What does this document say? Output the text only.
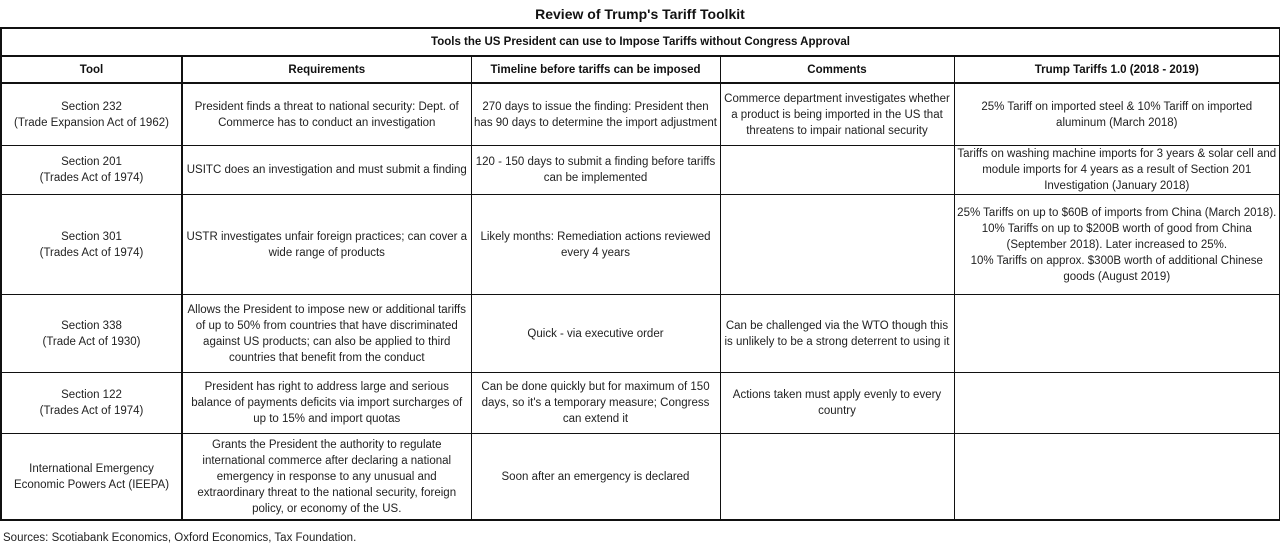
Review of Trump's Tariff Toolkit
Tools the US President can use to Impose Tariffs without Congress Approval				
Tool	Requirements	Timeline before tariffs can be imposed	Comments	Trump Tariffs 1.0 (2018 - 2019)

Section 232
(Trade Expansion Act of 1962)	President finds a threat to national security: Dept. of Commerce has to conduct an investigation	270 days to issue the finding: President then has 90 days to determine the import adjustment	Commerce department investigates whether a product is being imported in the US that threatens to impair national security	25% Tariff on imported steel & 10% Tariff on imported aluminum (March 2018)

Section 201
(Trades Act of 1974)	USITC does an investigation and must submit a finding	120 - 150 days to submit a finding before tariffs can be implemented		Tariffs on washing machine imports for 3 years & solar cell and module imports for 4 years as a result of Section 201 Investigation (January 2018)

Section 301
(Trades Act of 1974)	USTR investigates unfair foreign practices; can cover a wide range of products	Likely months: Remediation actions reviewed every 4 years		25% Tariffs on up to $60B of imports from China (March 2018).
10% Tariffs on up to $200B worth of good from China (September 2018). Later increased to 25%.
10% Tariffs on approx. $300B worth of additional Chinese goods (August 2019)

Section 338
(Trade Act of 1930)	Allows the President to impose new or additional tariffs of up to 50% from countries that have discriminated against US products; can also be applied to third countries that benefit from the conduct	Quick - via executive order	Can be challenged via the WTO though this is unlikely to be a strong deterrent to using it	

Section 122
(Trades Act of 1974)	President has right to address large and serious balance of payments deficits via import surcharges of up to 15% and import quotas	Can be done quickly but for maximum of 150 days, so it's a temporary measure; Congress can extend it	Actions taken must apply evenly to every country	

International Emergency
Economic Powers Act (IEEPA)	Grants the President the authority to regulate international commerce after declaring a national emergency in response to any unusual and extraordinary threat to the national security, foreign policy, or economy of the US.	Soon after an emergency is declared		

Sources: Scotiabank Economics, Oxford Economics, Tax Foundation.
